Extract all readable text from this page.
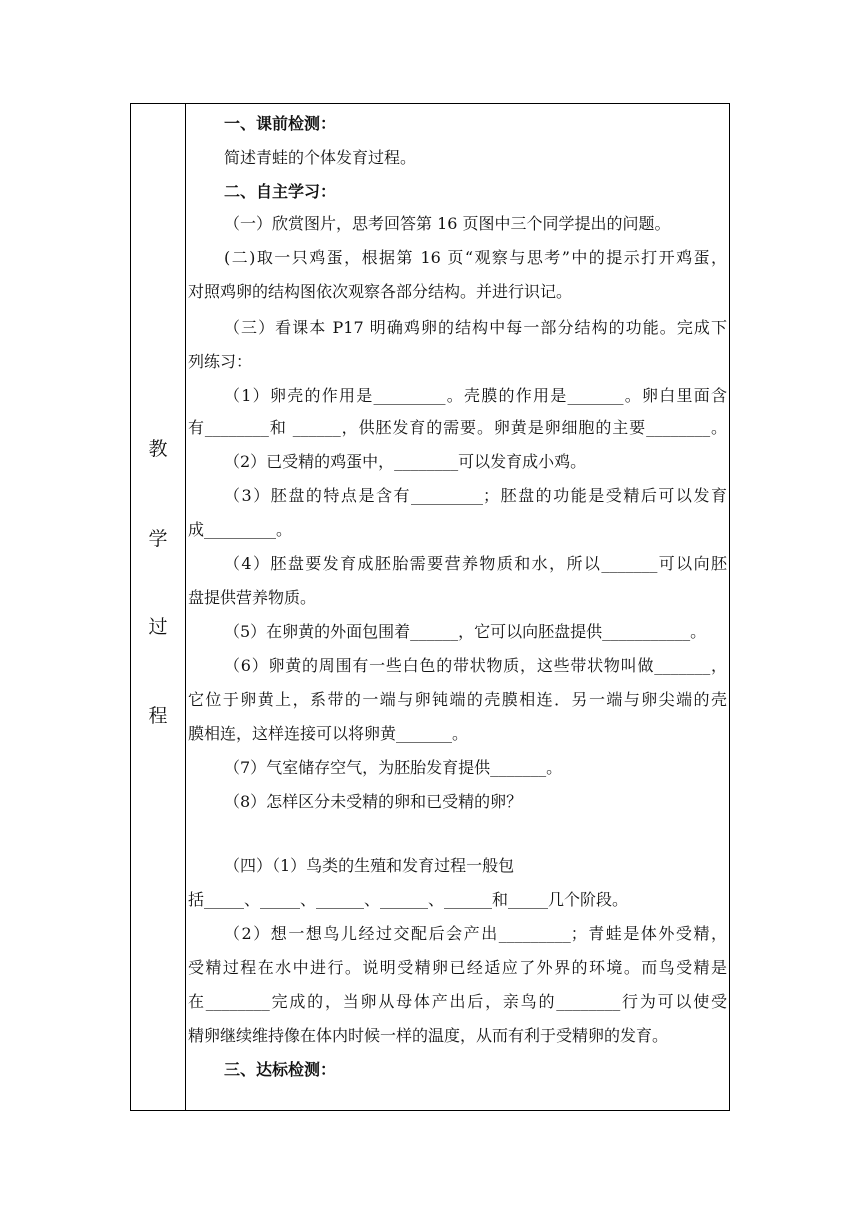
教
学
过
程
一、课前检测：
简述青蛙的个体发育过程。
二、自主学习：
（一）欣赏图片，思考回答第 16 页图中三个同学提出的问题。
(二)取一只鸡蛋，根据第 16 页“观察与思考”中的提示打开鸡蛋，
对照鸡卵的结构图依次观察各部分结构。并进行识记。
（三）看课本 P17 明确鸡卵的结构中每一部分结构的功能。完成下
列练习：
（1）卵壳的作用是_________。壳膜的作用是_______。卵白里面含
有________和 ______，供胚发育的需要。卵黄是卵细胞的主要________。
（2）已受精的鸡蛋中，________可以发育成小鸡。
（3）胚盘的特点是含有_________；胚盘的功能是受精后可以发育
成_________。
（4）胚盘要发育成胚胎需要营养物质和水，所以_______可以向胚
盘提供营养物质。
（5）在卵黄的外面包围着______，它可以向胚盘提供___________。
（6）卵黄的周围有一些白色的带状物质，这些带状物叫做_______，
它位于卵黄上，系带的一端与卵钝端的壳膜相连．另一端与卵尖端的壳
膜相连，这样连接可以将卵黄_______。
（7）气室储存空气，为胚胎发育提供_______。
（8）怎样区分未受精的卵和已受精的卵？
（四）（1）鸟类的生殖和发育过程一般包
括_____、_____、______、______、______和_____几个阶段。
（2）想一想鸟儿经过交配后会产出_________；青蛙是体外受精，
受精过程在水中进行。说明受精卵已经适应了外界的环境。而鸟受精是
在________完成的，当卵从母体产出后，亲鸟的________行为可以使受
精卵继续维持像在体内时候一样的温度，从而有利于受精卵的发育。
三、达标检测：
